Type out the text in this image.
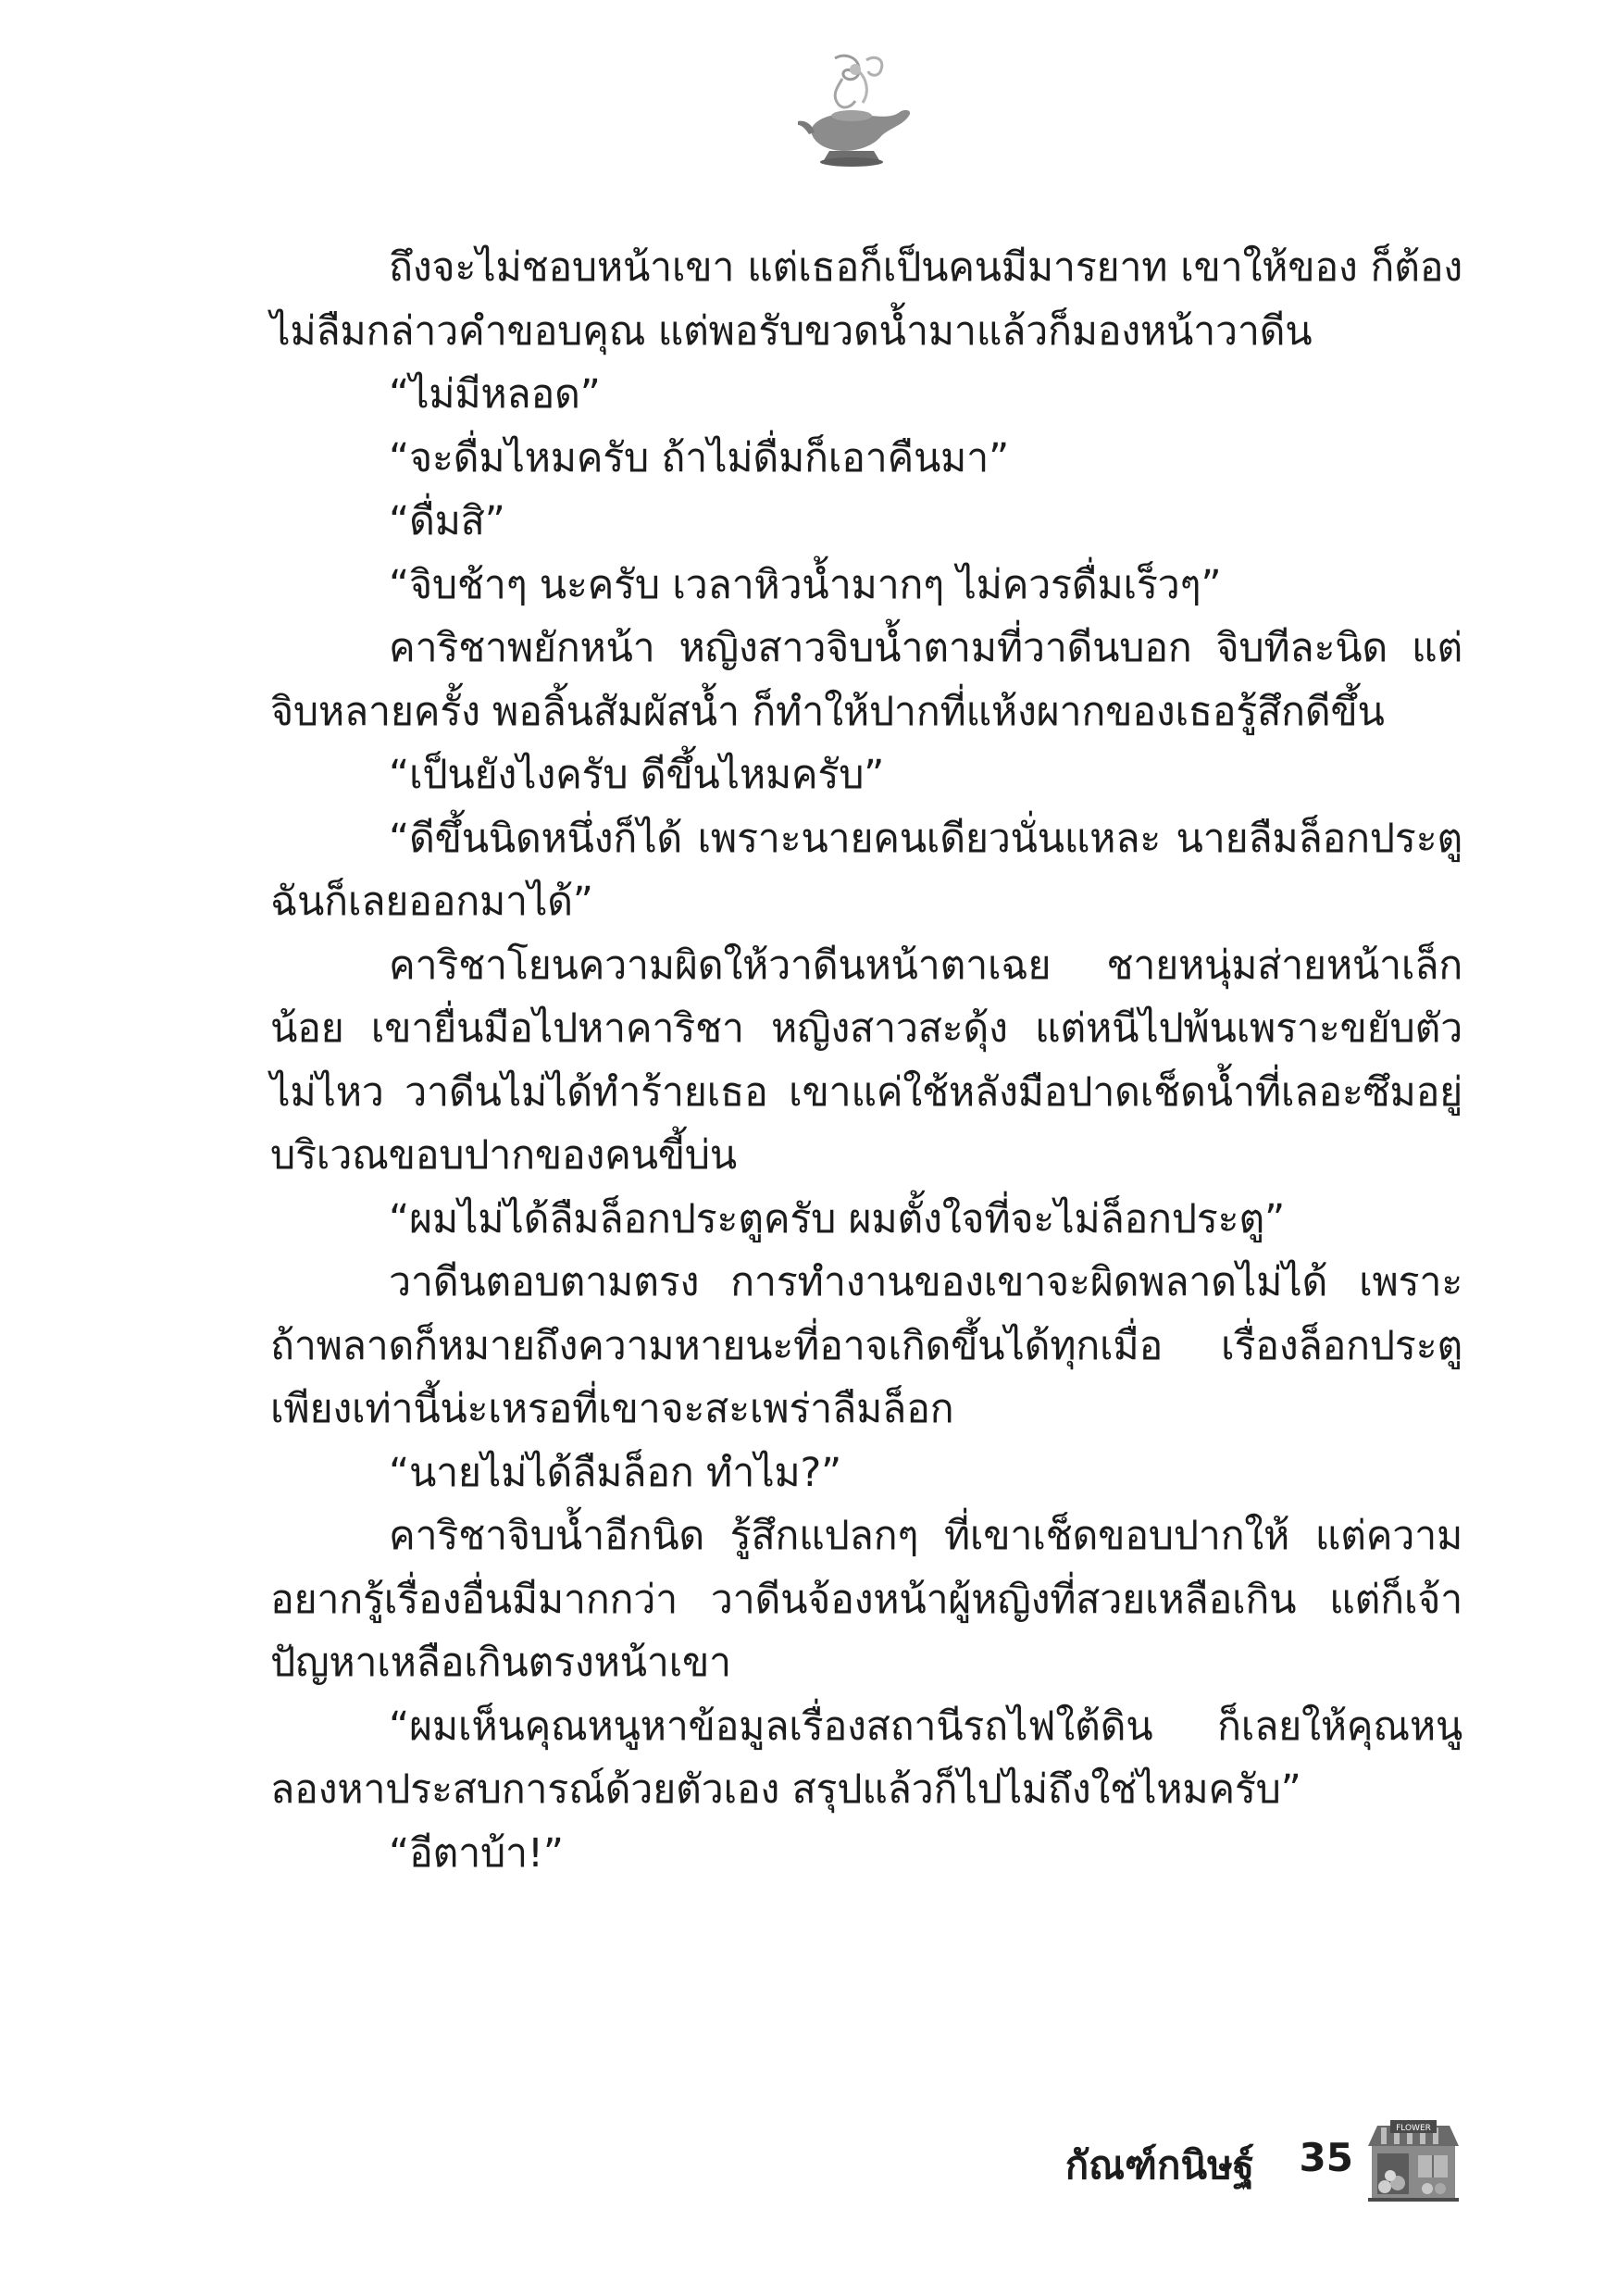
ถึงจะไม่ชอบหน้าเขา แต่เธอก็เป็นคนมีมารยาท เขาให้ของ ก็ต้องไม่ลืมกล่าวคำขอบคุณ แต่พอรับขวดน้ำมาแล้วก็มองหน้าวาดีน

“ไม่มีหลอด”

“จะดื่มไหมครับ ถ้าไม่ดื่มก็เอาคืนมา”

“ดื่มสิ”

“จิบช้าๆ นะครับ เวลาหิวน้ำมากๆ ไม่ควรดื่มเร็วๆ”

คาริชาพยักหน้า หญิงสาวจิบน้ำตามที่วาดีนบอก จิบทีละนิด แต่จิบหลายครั้ง พอลิ้นสัมผัสน้ำ ก็ทำให้ปากที่แห้งผากของเธอรู้สึกดีขึ้น

“เป็นยังไงครับ ดีขึ้นไหมครับ”

“ดีขึ้นนิดหนึ่งก็ได้ เพราะนายคนเดียวนั่นแหละ นายลืมล็อกประตู ฉันก็เลยออกมาได้”

คาริชาโยนความผิดให้วาดีนหน้าตาเฉย ชายหนุ่มส่ายหน้าเล็กน้อย เขายื่นมือไปหาคาริชา หญิงสาวสะดุ้ง แต่หนีไปพ้นเพราะขยับตัวไม่ไหว วาดีนไม่ได้ทำร้ายเธอ เขาแค่ใช้หลังมือปาดเช็ดน้ำที่เลอะซึมอยู่บริเวณขอบปากของคนขี้บ่น

“ผมไม่ได้ลืมล็อกประตูครับ ผมตั้งใจที่จะไม่ล็อกประตู”

วาดีนตอบตามตรง การทำงานของเขาจะผิดพลาดไม่ได้ เพราะถ้าพลาดก็หมายถึงความหายนะที่อาจเกิดขึ้นได้ทุกเมื่อ เรื่องล็อกประตูเพียงเท่านี้น่ะเหรอที่เขาจะสะเพร่าลืมล็อก

“นายไม่ได้ลืมล็อก ทำไม?”

คาริชาจิบน้ำอีกนิด รู้สึกแปลกๆ ที่เขาเช็ดขอบปากให้ แต่ความอยากรู้เรื่องอื่นมีมากกว่า วาดีนจ้องหน้าผู้หญิงที่สวยเหลือเกิน แต่ก็เจ้าปัญหาเหลือเกินตรงหน้าเขา

“ผมเห็นคุณหนูหาข้อมูลเรื่องสถานีรถไฟใต้ดิน ก็เลยให้คุณหนูลองหาประสบการณ์ด้วยตัวเอง สรุปแล้วก็ไปไม่ถึงใช่ไหมครับ”

“อีตาบ้า!”

กัณฑ์กนิษฐ์ 35
FLOWER
